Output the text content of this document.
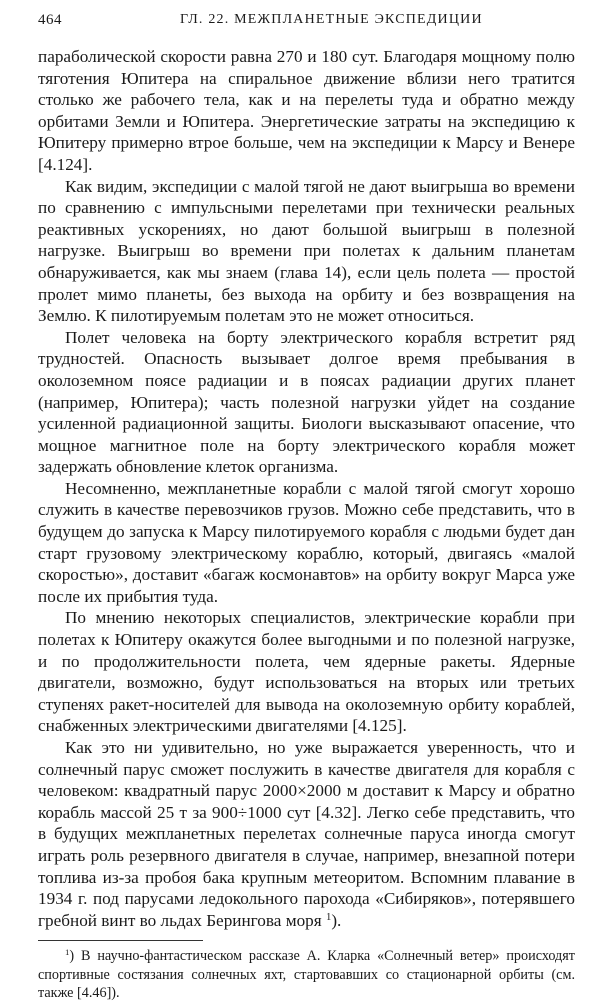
464	ГЛ. 22. МЕЖПЛАНЕТНЫЕ ЭКСПЕДИЦИИ

параболической скорости равна 270 и 180 сут. Благодаря мощному полю тяготения Юпитера на спиральное движение вблизи него тратится столько же рабочего тела, как и на перелеты туда и обратно между орбитами Земли и Юпитера. Энергетические затраты на экспедицию к Юпитеру примерно втрое больше, чем на экспедиции к Марсу и Венере [4.124].

Как видим, экспедиции с малой тягой не дают выигрыша во времени по сравнению с импульсными перелетами при технически реальных реактивных ускорениях, но дают большой выигрыш в полезной нагрузке. Выигрыш во времени при полетах к дальним планетам обнаруживается, как мы знаем (глава 14), если цель полета — простой пролет мимо планеты, без выхода на орбиту и без возвращения на Землю. К пилотируемым полетам это не может относиться.

Полет человека на борту электрического корабля встретит ряд трудностей. Опасность вызывает долгое время пребывания в околоземном поясе радиации и в поясах радиации других планет (например, Юпитера); часть полезной нагрузки уйдет на создание усиленной радиационной защиты. Биологи высказывают опасение, что мощное магнитное поле на борту электрического корабля может задержать обновление клеток организма.

Несомненно, межпланетные корабли с малой тягой смогут хорошо служить в качестве перевозчиков грузов. Можно себе представить, что в будущем до запуска к Марсу пилотируемого корабля с людьми будет дан старт грузовому электрическому кораблю, который, двигаясь «малой скоростью», доставит «багаж космонавтов» на орбиту вокруг Марса уже после их прибытия туда.

По мнению некоторых специалистов, электрические корабли при полетах к Юпитеру окажутся более выгодными и по полезной нагрузке, и по продолжительности полета, чем ядерные ракеты. Ядерные двигатели, возможно, будут использоваться на вторых или третьих ступенях ракет-носителей для вывода на околоземную орбиту кораблей, снабженных электрическими двигателями [4.125].

Как это ни удивительно, но уже выражается уверенность, что и солнечный парус сможет послужить в качестве двигателя для корабля с человеком: квадратный парус 2000×2000 м доставит к Марсу и обратно корабль массой 25 т за 900÷1000 сут [4.32]. Легко себе представить, что в будущих межпланетных перелетах солнечные паруса иногда смогут играть роль резервного двигателя в случае, например, внезапной потери топлива из-за пробоя бака крупным метеоритом. Вспомним плавание в 1934 г. под парусами ледокольного парохода «Сибиряков», потерявшего гребной винт во льдах Берингова моря $^1$).

$^1$) В научно-фантастическом рассказе А. Кларка «Солнечный ветер» происходят спортивные состязания солнечных яхт, стартовавших со стационарной орбиты (см. также [4.46]).
